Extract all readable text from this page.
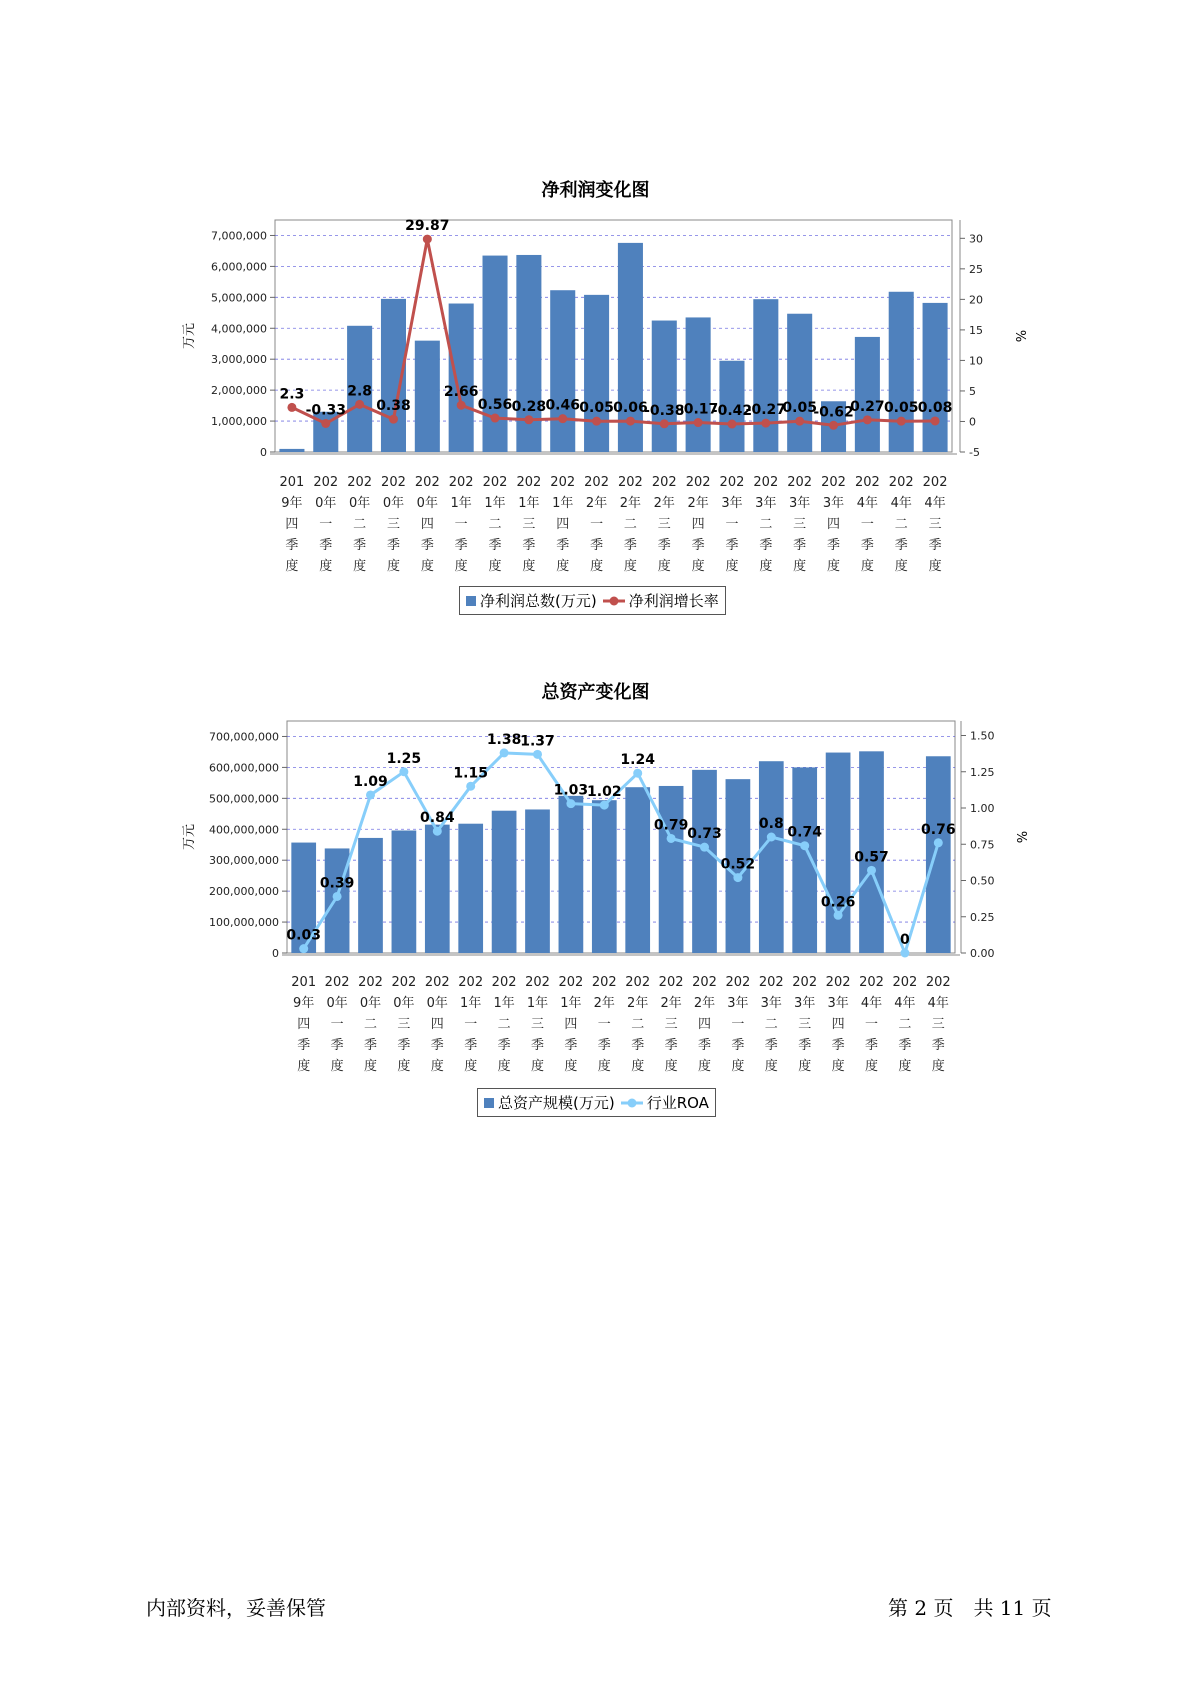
净利润变化图
0
1,000,000
2,000,000
3,000,000
4,000,000
5,000,000
6,000,000
7,000,000
-5
0
5
10
15
20
25
30
万元	%
2.3
-0.33
2.8
0.38
29.87
2.66
0.56 0.28 0.46 0.05 0.06
-0.38
-0.17
-0.42
-0.27
0.05
-0.62
0.27 0.05 0.08
201
9年
四
季
度
202
0年
一
季
度
202
0年
二
季
度
202
0年
三
季
度
202
0年
四
季
度
202
1年
一
季
度
202
1年
二
季
度
202
1年
三
季
度
202
1年
四
季
度
202
2年
一
季
度
202
2年
二
季
度
202
2年
三
季
度
202
2年
四
季
度
202
3年
一
季
度
202
3年
二
季
度
202
3年
三
季
度
202
3年
四
季
度
202
4年
一
季
度
202
4年
二
季
度
202
4年
三
季
度
净利润总数(万元) 净利润增长率
总资产变化图
0
100,000,000
200,000,000
300,000,000
400,000,000
500,000,000
600,000,000
700,000,000
0.00
0.25
0.50
0.75
1.00
1.25
1.50
万元	%
0.03
0.39
1.09
1.25
0.84
1.15
1.38
1.37
1.03
1.02
1.24
0.79
0.73
0.52
0.8
0.74
0.26
0.57
0
0.76
201
9年
四
季
度
202
0年
一
季
度
202
0年
二
季
度
202
0年
三
季
度
202
0年
四
季
度
202
1年
一
季
度
202
1年
二
季
度
202
1年
三
季
度
202
1年
四
季
度
202
2年
一
季
度
202
2年
二
季
度
202
2年
三
季
度
202
2年
四
季
度
202
3年
一
季
度
202
3年
二
季
度
202
3年
三
季
度
202
3年
四
季
度
202
4年
一
季
度
202
4年
二
季
度
202
4年
三
季
度
总资产规模(万元) 行业ROA
内部资料，妥善保管	第 2 页　共 11 页
